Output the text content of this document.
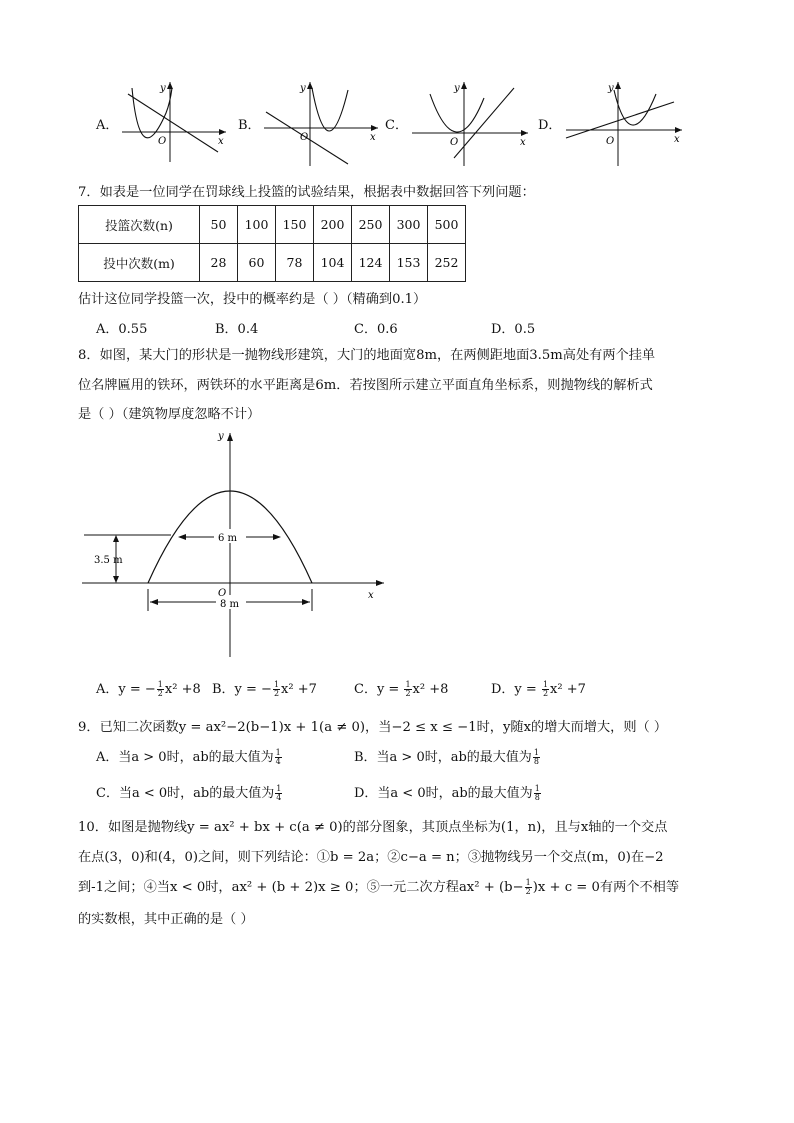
A．
x
y
O
B．
x
y
O
C．
x
y
O
D．
x
y
O
7．如表是一位同学在罚球线上投篮的试验结果，根据表中数据回答下列问题：
投篮次数(n)	50	100	150	200	250	300	500
投中次数(m)	28	60	78	104	124	153	252
估计这位同学投篮一次，投中的概率约是（ ）（精确到0.1）
A．0.55	B．0.4	C．0.6	D．0.5
8．如图，某大门的形状是一抛物线形建筑，大门的地面宽8m，在两侧距地面3.5m高处有两个挂单
位名牌匾用的铁环，两铁环的水平距离是6m．若按图所示建立平面直角坐标系，则抛物线的解析式
是（ ）（建筑物厚度忽略不计）
3.5 m
6 m
8 m
O	x
y
A．y = − $\frac{1}{2} x^2 +8$ B．y = − $\frac{1}{2} x^2 +7$	C．$y = \frac{1}{2} x^2 +8$	D．$y = \frac{1}{2} x^2 +7$
9．已知二次函数y = ax²−2(b−1)x + 1(a ≠ 0)，当−2 ≤ x ≤ −1时，y随x的增大而增大，则（ ）
A．当a > 0时，ab的最大值为 $\frac{1}{4}$	B．当a > 0时，ab的最大值为 $\frac{1}{8}$
C．当a < 0时，ab的最大值为 $\frac{1}{4}$	D．当a < 0时，ab的最大值为 $\frac{1}{8}$
10．如图是抛物线y = ax² + bx + c(a ≠ 0)的部分图象，其顶点坐标为(1，n)，且与x轴的一个交点
在点(3，0)和(4，0)之间，则下列结论：①b = 2a；②c−a = n；③抛物线另一个交点(m，0)在−2
到-1之间；④当x < 0时，ax² + (b + 2)x ≥ 0；⑤一元二次方程$ax^2 + (b- \frac{1}{2} )x + c = 0$有两个不相等
的实数根，其中正确的是（ ）
